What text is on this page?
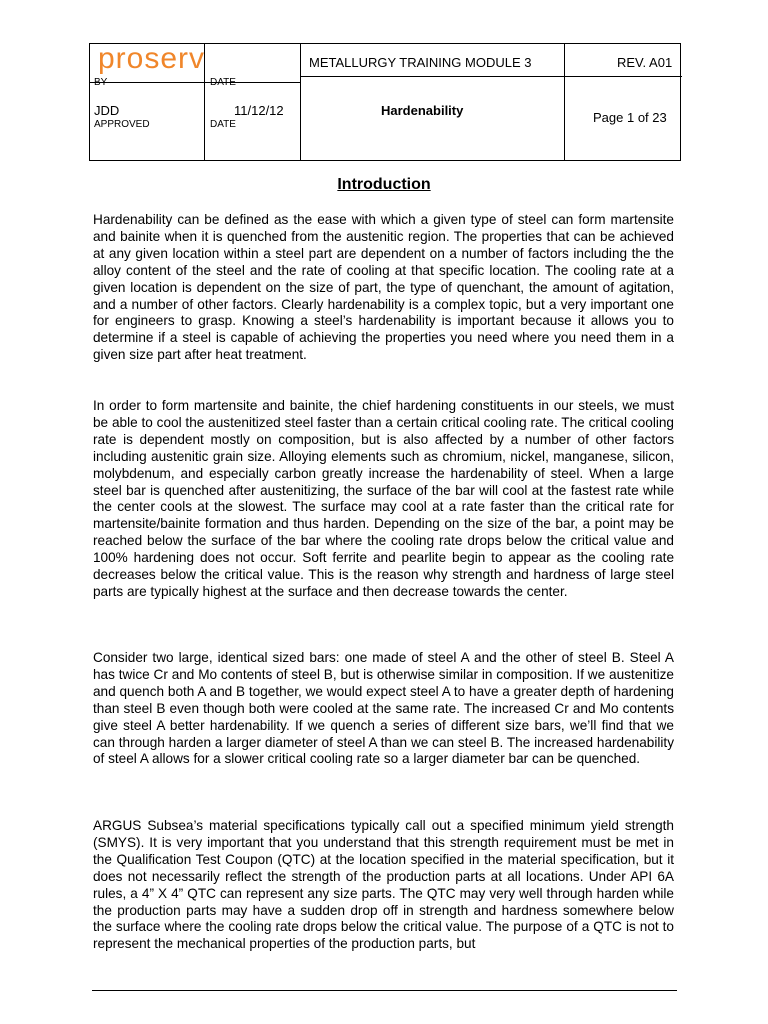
proserv	METALLURGY TRAINING MODULE 3	REV. A01
BY	DATE
JDD	11/12/12
APPROVED	DATE
Hardenability	Page 1 of 23
Introduction

Hardenability can be defined as the ease with which a given type of steel can form martensite and bainite when it is quenched from the austenitic region. The properties that can be achieved at any given location within a steel part are dependent on a number of factors including the the alloy content of the steel and the rate of cooling at that specific location. The cooling rate at a given location is dependent on the size of part, the type of quenchant, the amount of agitation, and a number of other factors. Clearly hardenability is a complex topic, but a very important one for engineers to grasp. Knowing a steel’s hardenability is important because it allows you to determine if a steel is capable of achieving the properties you need where you need them in a given size part after heat treatment.

In order to form martensite and bainite, the chief hardening constituents in our steels, we must be able to cool the austenitized steel faster than a certain critical cooling rate. The critical cooling rate is dependent mostly on composition, but is also affected by a number of other factors including austenitic grain size. Alloying elements such as chromium, nickel, manganese, silicon, molybdenum, and especially carbon greatly increase the hardenability of steel. When a large steel bar is quenched after austenitizing, the surface of the bar will cool at the fastest rate while the center cools at the slowest. The surface may cool at a rate faster than the critical rate for martensite/bainite formation and thus harden. Depending on the size of the bar, a point may be reached below the surface of the bar where the cooling rate drops below the critical value and 100% hardening does not occur. Soft ferrite and pearlite begin to appear as the cooling rate decreases below the critical value. This is the reason why strength and hardness of large steel parts are typically highest at the surface and then decrease towards the center.

Consider two large, identical sized bars: one made of steel A and the other of steel B. Steel A has twice Cr and Mo contents of steel B, but is otherwise similar in composition. If we austenitize and quench both A and B together, we would expect steel A to have a greater depth of hardening than steel B even though both were cooled at the same rate. The increased Cr and Mo contents give steel A better hardenability. If we quench a series of different size bars, we’ll find that we can through harden a larger diameter of steel A than we can steel B. The increased hardenability of steel A allows for a slower critical cooling rate so a larger diameter bar can be quenched.

ARGUS Subsea’s material specifications typically call out a specified minimum yield strength (SMYS). It is very important that you understand that this strength requirement must be met in the Qualification Test Coupon (QTC) at the location specified in the material specification, but it does not necessarily reflect the strength of the production parts at all locations. Under API 6A rules, a 4” X 4” QTC can represent any size parts. The QTC may very well through harden while the production parts may have a sudden drop off in strength and hardness somewhere below the surface where the cooling rate drops below the critical value. The purpose of a QTC is not to represent the mechanical properties of the production parts, but
